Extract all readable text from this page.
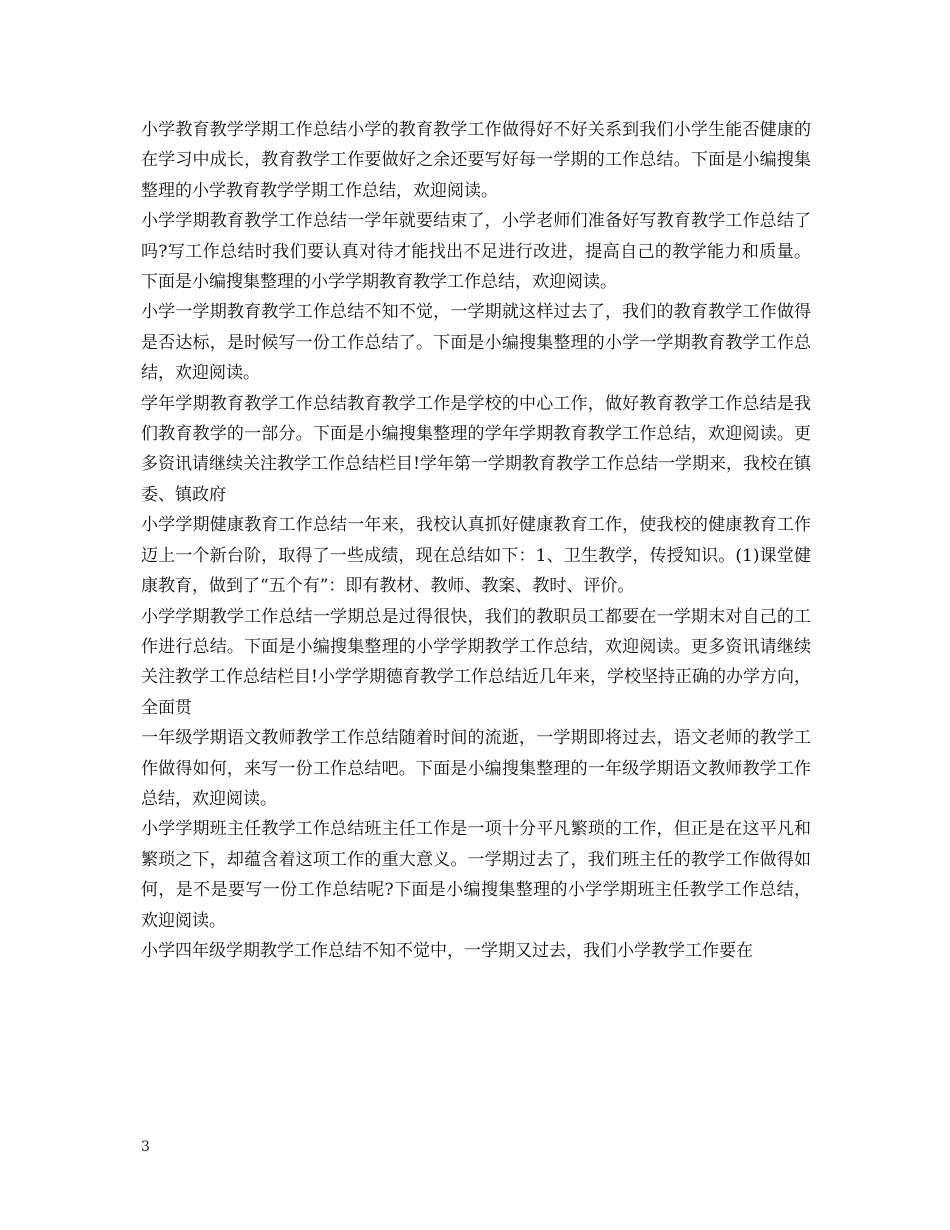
小学教育教学学期工作总结小学的教育教学工作做得好不好关系到我们小学生能否健康的在学习中成长，教育教学工作要做好之余还要写好每一学期的工作总结。下面是小编搜集整理的小学教育教学学期工作总结，欢迎阅读。

小学学期教育教学工作总结一学年就要结束了，小学老师们准备好写教育教学工作总结了吗?写工作总结时我们要认真对待才能找出不足进行改进，提高自己的教学能力和质量。下面是小编搜集整理的小学学期教育教学工作总结，欢迎阅读。

小学一学期教育教学工作总结不知不觉，一学期就这样过去了，我们的教育教学工作做得是否达标，是时候写一份工作总结了。下面是小编搜集整理的小学一学期教育教学工作总结，欢迎阅读。

学年学期教育教学工作总结教育教学工作是学校的中心工作，做好教育教学工作总结是我们教育教学的一部分。下面是小编搜集整理的学年学期教育教学工作总结，欢迎阅读。更多资讯请继续关注教学工作总结栏目!学年第一学期教育教学工作总结一学期来，我校在镇委、镇政府

小学学期健康教育工作总结一年来，我校认真抓好健康教育工作，使我校的健康教育工作迈上一个新台阶，取得了一些成绩，现在总结如下：1、卫生教学，传授知识。(1)课堂健康教育，做到了“五个有”：即有教材、教师、教案、教时、评价。

小学学期教学工作总结一学期总是过得很快，我们的教职员工都要在一学期末对自己的工作进行总结。下面是小编搜集整理的小学学期教学工作总结，欢迎阅读。更多资讯请继续关注教学工作总结栏目!小学学期德育教学工作总结近几年来，学校坚持正确的办学方向，全面贯

一年级学期语文教师教学工作总结随着时间的流逝，一学期即将过去，语文老师的教学工作做得如何，来写一份工作总结吧。下面是小编搜集整理的一年级学期语文教师教学工作总结，欢迎阅读。

小学学期班主任教学工作总结班主任工作是一项十分平凡繁琐的工作，但正是在这平凡和繁琐之下，却蕴含着这项工作的重大意义。一学期过去了，我们班主任的教学工作做得如何，是不是要写一份工作总结呢?下面是小编搜集整理的小学学期班主任教学工作总结，欢迎阅读。

小学四年级学期教学工作总结不知不觉中，一学期又过去，我们小学教学工作要在

3
